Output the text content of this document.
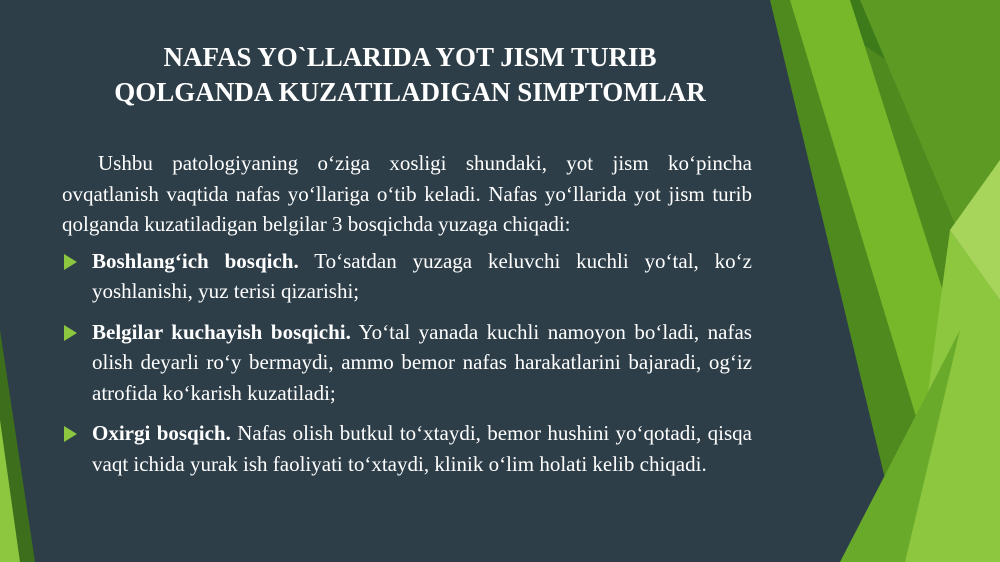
NAFAS YO`LLARIDA YOT JISM TURIB
QOLGANDA KUZATILADIGAN SIMPTOMLAR

Ushbu patologiyaning o‘ziga xosligi shundaki, yot jism ko‘pincha ovqatlanish vaqtida nafas yo‘llariga o‘tib keladi. Nafas yo‘llarida yot jism turib qolganda kuzatiladigan belgilar 3 bosqichda yuzaga chiqadi:

Boshlang‘ich bosqich. To‘satdan yuzaga keluvchi kuchli yo‘tal, ko‘z yoshlanishi, yuz terisi qizarishi;
Belgilar kuchayish bosqichi. Yo‘tal yanada kuchli namoyon bo‘ladi, nafas olish deyarli ro‘y bermaydi, ammo bemor nafas harakatlarini bajaradi, og‘iz atrofida ko‘karish kuzatiladi;
Oxirgi bosqich. Nafas olish butkul to‘xtaydi, bemor hushini yo‘qotadi, qisqa vaqt ichida yurak ish faoliyati to‘xtaydi, klinik o‘lim holati kelib chiqadi.
